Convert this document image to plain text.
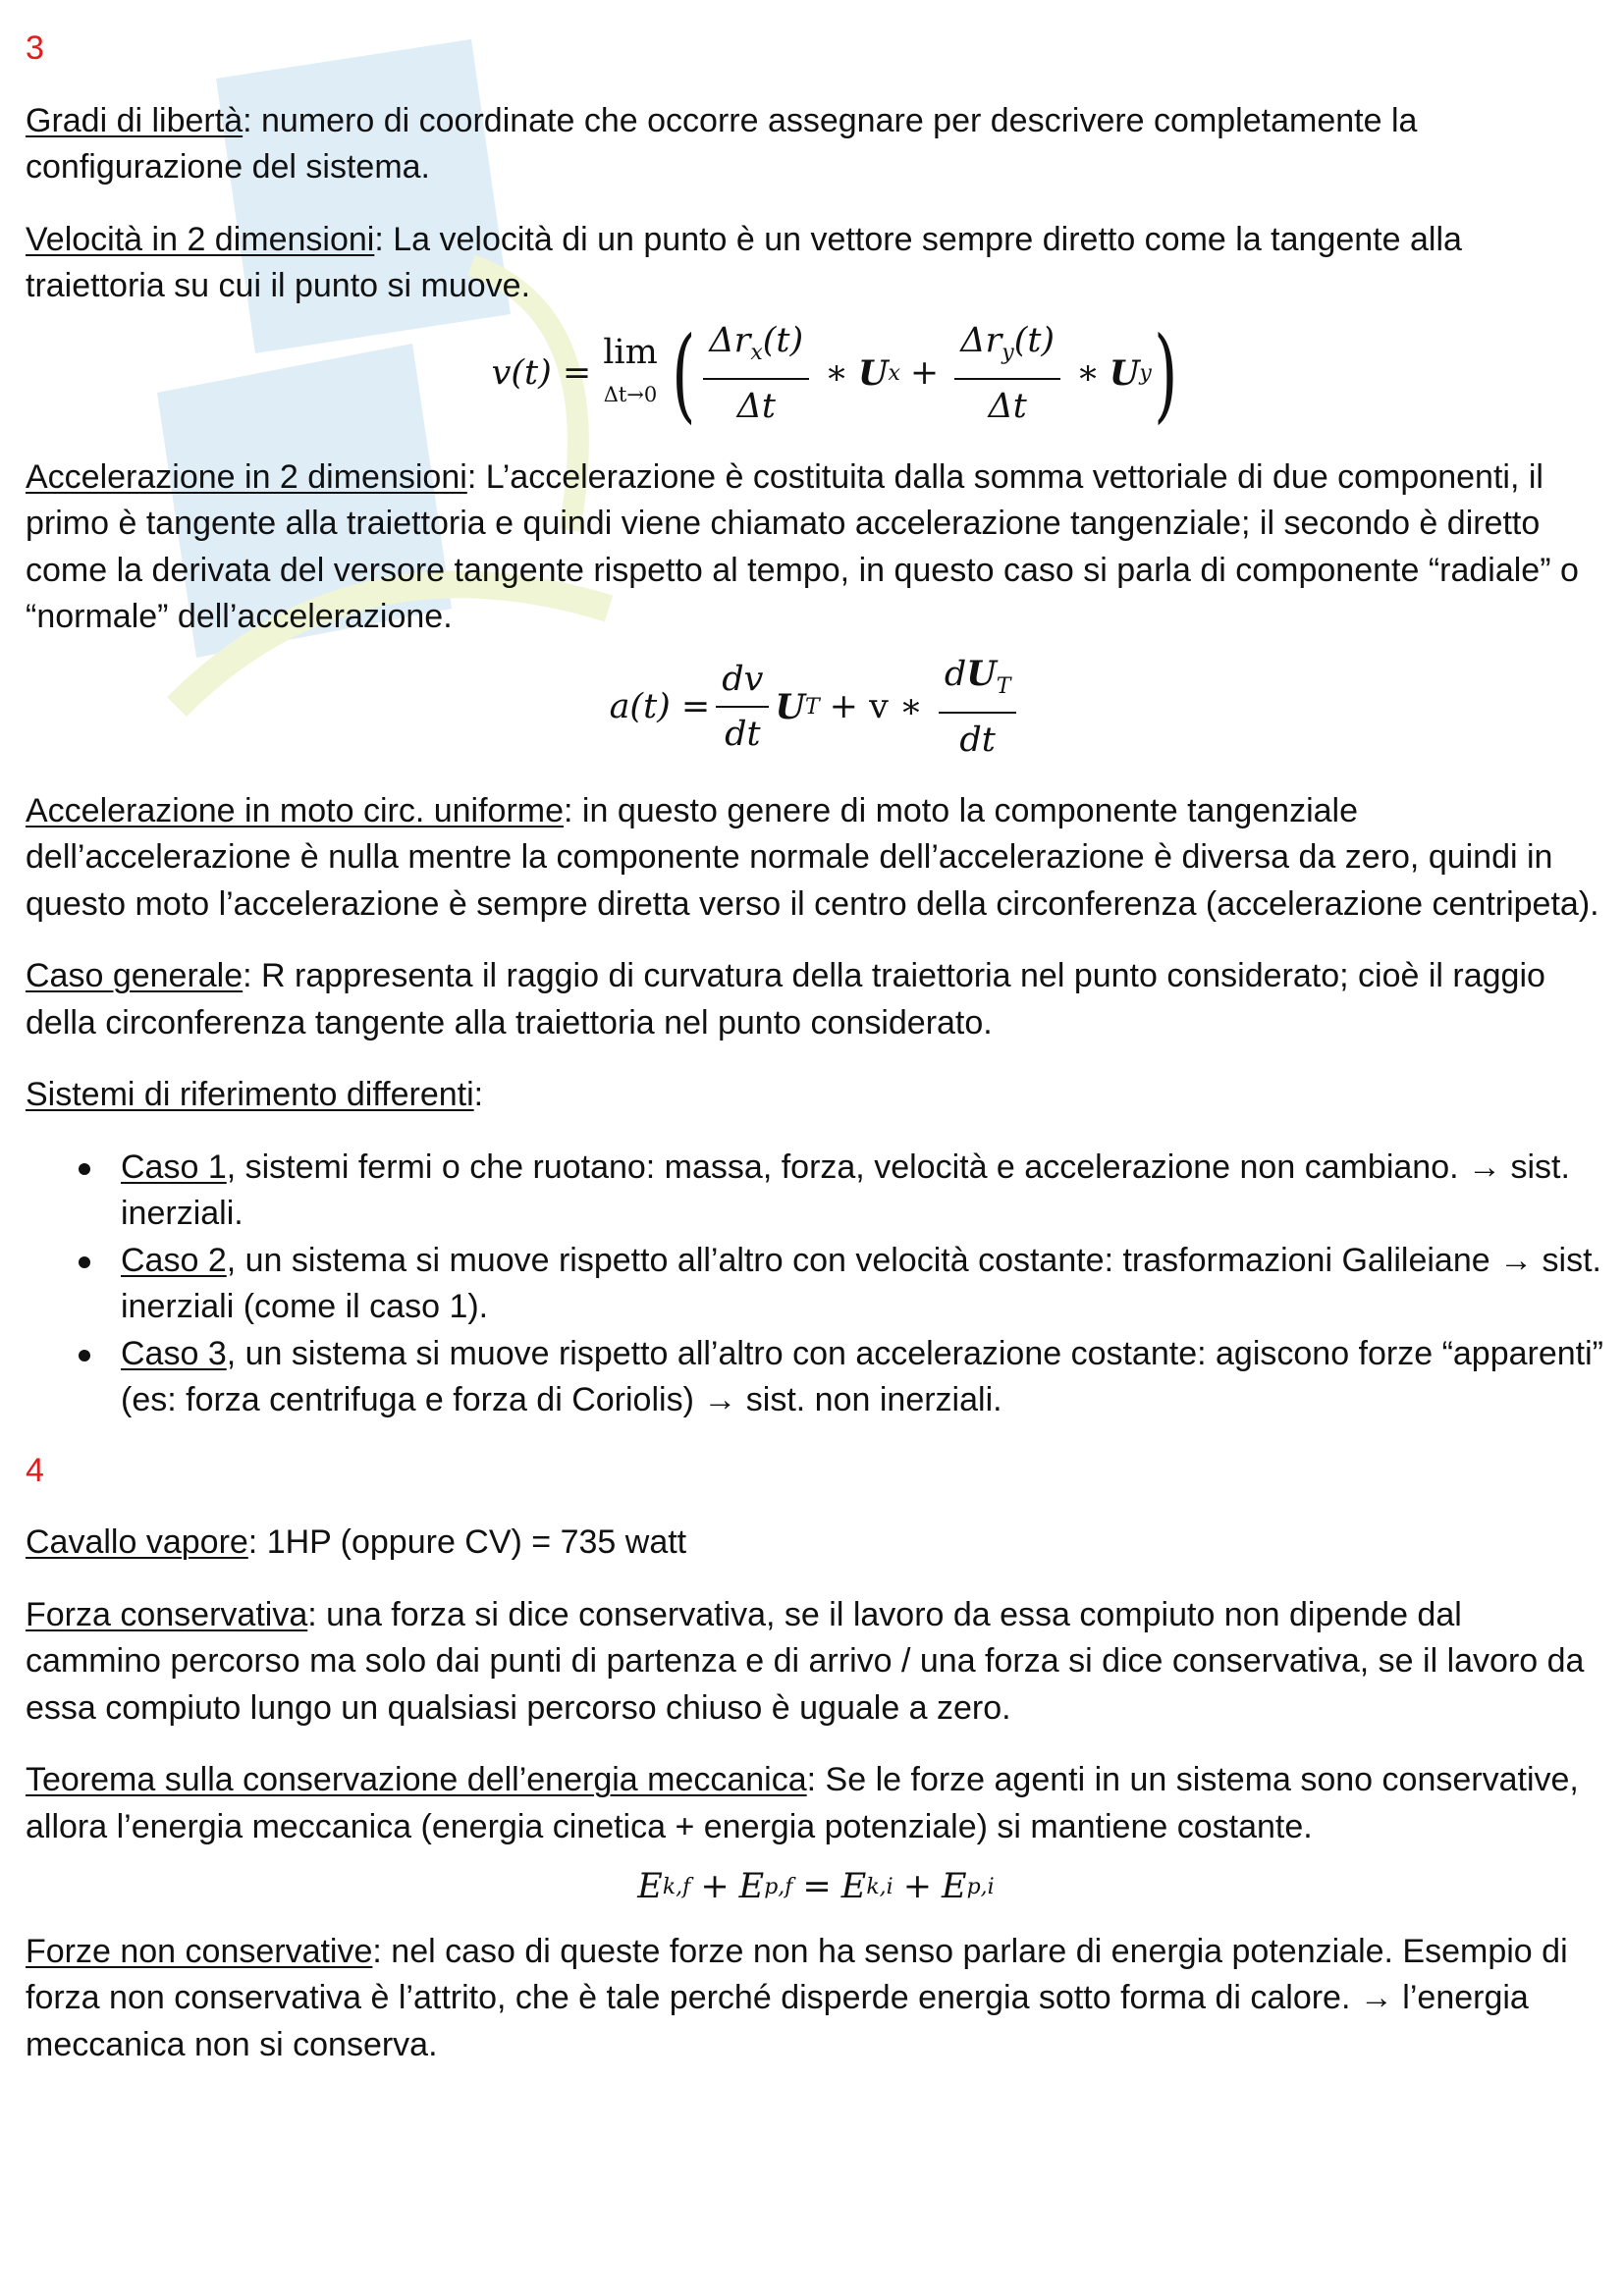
3

Gradi di libertà: numero di coordinate che occorre assegnare per descrivere completamente la configurazione del sistema.

Velocità in 2 dimensioni: La velocità di un punto è un vettore sempre diretto come la tangente alla traiettoria su cui il punto si muove.

v(t) =
lim
Δt→0 ( $\frac{\Delta r_x(t)}{\Delta t}$ ∗ U $x + \frac{\Delta r_y(t)}{\Delta t}$ ∗ U y )

Accelerazione in 2 dimensioni: L’accelerazione è costituita dalla somma vettoriale di due componenti, il primo è tangente alla traiettoria e quindi viene chiamato accelerazione tangenziale; il secondo è diretto come la derivata del versore tangente rispetto al tempo, in questo caso si parla di componente “radiale” o “normale” dell’accelerazione.

$a(t) = \frac{dv}{dt}$ U T + v ∗ $\frac{dU_T}{dt}$

Accelerazione in moto circ. uniforme: in questo genere di moto la componente tangenziale dell’accelerazione è nulla mentre la componente normale dell’accelerazione è diversa da zero, quindi in questo moto l’accelerazione è sempre diretta verso il centro della circonferenza (accelerazione centripeta).

Caso generale: R rappresenta il raggio di curvatura della traiettoria nel punto considerato; cioè il raggio della circonferenza tangente alla traiettoria nel punto considerato.

Sistemi di riferimento differenti:

Caso 1, sistemi fermi o che ruotano: massa, forza, velocità e accelerazione non cambiano. → sist. inerziali.
Caso 2, un sistema si muove rispetto all’altro con velocità costante: trasformazioni Galileiane → sist. inerziali (come il caso 1).
Caso 3, un sistema si muove rispetto all’altro con accelerazione costante: agiscono forze “apparenti” (es: forza centrifuga e forza di Coriolis) → sist. non inerziali.
4

Cavallo vapore: 1HP (oppure CV) = 735 watt

Forza conservativa: una forza si dice conservativa, se il lavoro da essa compiuto non dipende dal cammino percorso ma solo dai punti di partenza e di arrivo / una forza si dice conservativa, se il lavoro da essa compiuto lungo un qualsiasi percorso chiuso è uguale a zero.

Teorema sulla conservazione dell’energia meccanica: Se le forze agenti in un sistema sono conservative, allora l’energia meccanica (energia cinetica + energia potenziale) si mantiene costante.

E k,f + E p,f = E k,i + E p,i

Forze non conservative: nel caso di queste forze non ha senso parlare di energia potenziale. Esempio di forza non conservativa è l’attrito, che è tale perché disperde energia sotto forma di calore. → l’energia meccanica non si conserva.
